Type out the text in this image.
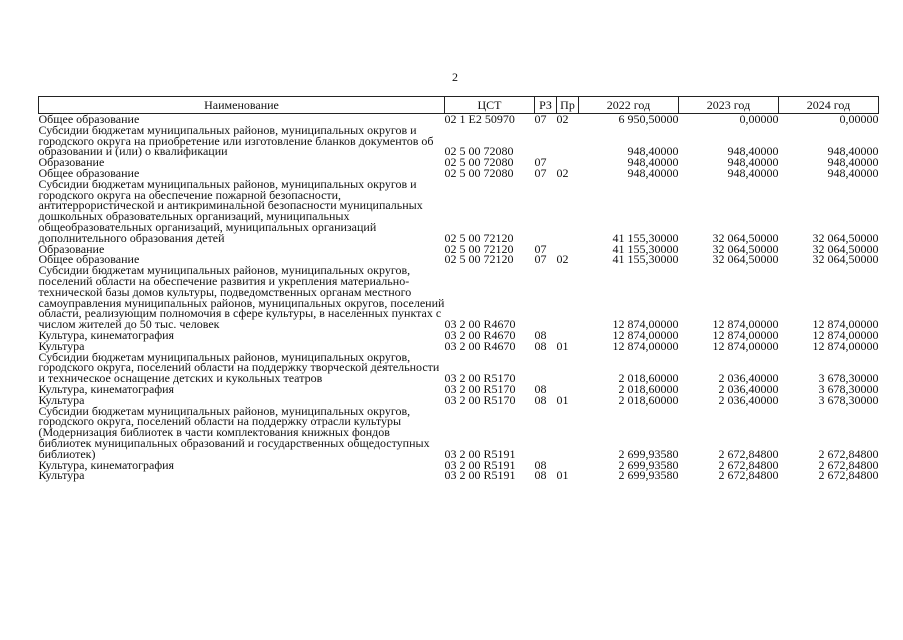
2
Наименование	ЦСТ	РЗ	Пр	2022 год	2023 год	2024 год
Общее образование	02 1 E2 50970	07	02	6 950,50000	0,00000	0,00000
Субсидии бюджетам муниципальных районов, муниципальных округов и городского округа на приобретение или изготовление бланков документов об образовании и (или) о квалификации	02 5 00 72080			948,40000	948,40000	948,40000
Образование	02 5 00 72080	07		948,40000	948,40000	948,40000
Общее образование	02 5 00 72080	07	02	948,40000	948,40000	948,40000
Субсидии бюджетам муниципальных районов, муниципальных округов и городского округа на обеспечение пожарной безопасности, антитеррористической и антикриминальной безопасности муниципальных дошкольных образовательных организаций, муниципальных общеобразовательных организаций, муниципальных организаций дополнительного образования детей	02 5 00 72120			41 155,30000	32 064,50000	32 064,50000
Образование	02 5 00 72120	07		41 155,30000	32 064,50000	32 064,50000
Общее образование	02 5 00 72120	07	02	41 155,30000	32 064,50000	32 064,50000
Субсидии бюджетам муниципальных районов, муниципальных округов, поселений области на обеспечение развития и укрепления материально-технической базы домов культуры, подведомственных органам местного самоуправления муниципальных районов, муниципальных округов, поселений области, реализующим полномочия в сфере культуры, в населенных пунктах с числом жителей до 50 тыс. человек	03 2 00 R4670			12 874,00000	12 874,00000	12 874,00000
Культура, кинематография	03 2 00 R4670	08		12 874,00000	12 874,00000	12 874,00000
Культура	03 2 00 R4670	08	01	12 874,00000	12 874,00000	12 874,00000
Субсидии бюджетам муниципальных районов, муниципальных округов, городского округа, поселений области на поддержку творческой деятельности и техническое оснащение детских и кукольных театров	03 2 00 R5170			2 018,60000	2 036,40000	3 678,30000
Культура, кинематография	03 2 00 R5170	08		2 018,60000	2 036,40000	3 678,30000
Культура	03 2 00 R5170	08	01	2 018,60000	2 036,40000	3 678,30000
Субсидии бюджетам муниципальных районов, муниципальных округов, городского округа, поселений области на поддержку отрасли культуры (Модернизация библиотек в части комплектования книжных фондов библиотек муниципальных образований и государственных общедоступных библиотек)	03 2 00 R5191			2 699,93580	2 672,84800	2 672,84800
Культура, кинематография	03 2 00 R5191	08		2 699,93580	2 672,84800	2 672,84800
Культура	03 2 00 R5191	08	01	2 699,93580	2 672,84800	2 672,84800
